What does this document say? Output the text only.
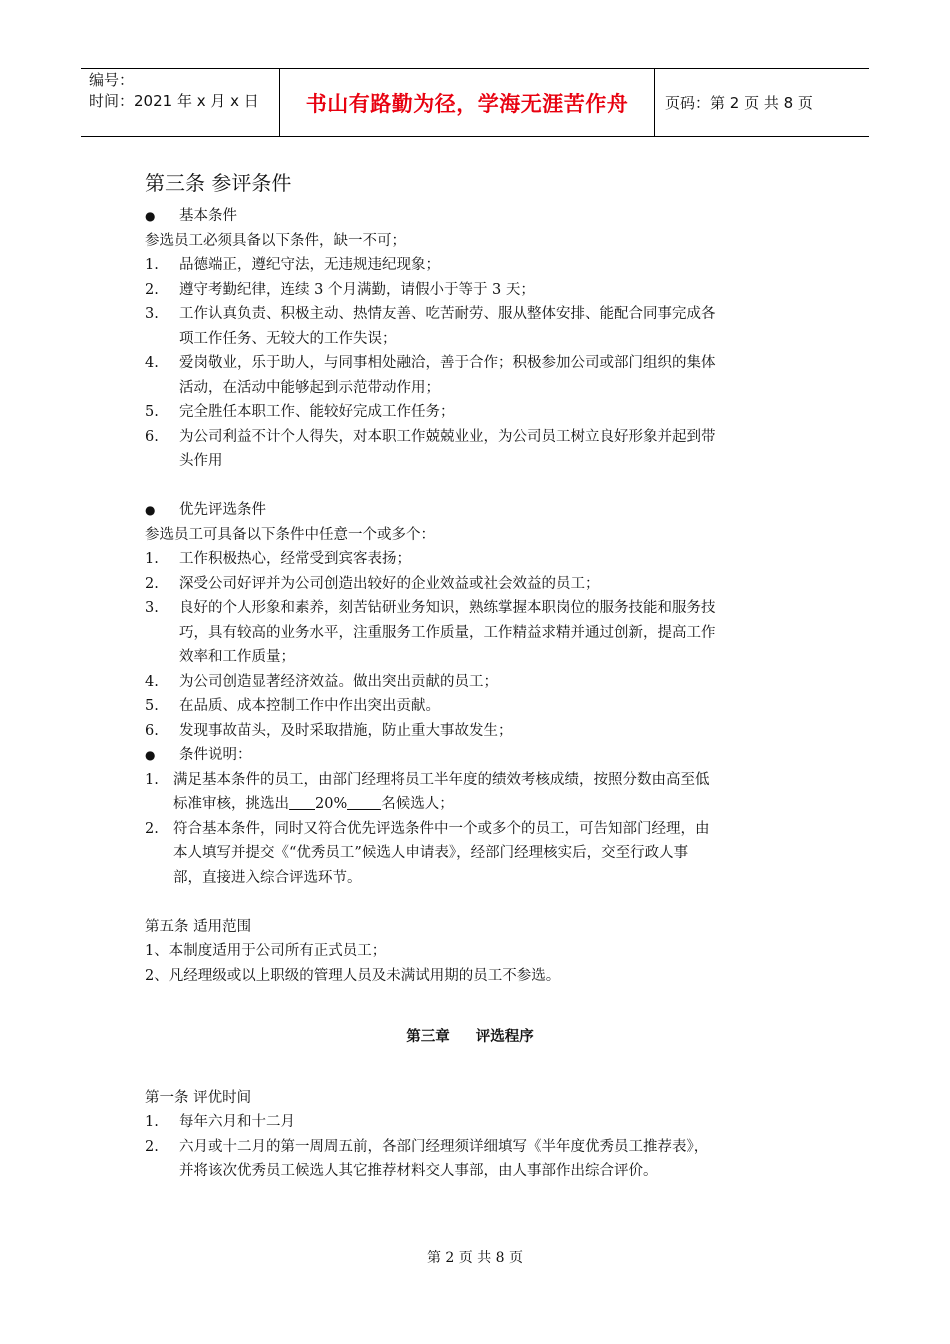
编号：
时间：2021 年 x 月 x 日	书山有路勤为径，学海无涯苦作舟	页码：第 2 页 共 8 页
第三条 参评条件
● 基本条件
参选员工必须具备以下条件，缺一不可；
1. 品德端正，遵纪守法，无违规违纪现象；
2. 遵守考勤纪律，连续 3 个月满勤，请假小于等于 3 天；
3. 工作认真负责、积极主动、热情友善、吃苦耐劳、服从整体安排、能配合同事完成各
项工作任务、无较大的工作失误；
4. 爱岗敬业，乐于助人，与同事相处融洽，善于合作；积极参加公司或部门组织的集体
活动，在活动中能够起到示范带动作用；
5. 完全胜任本职工作、能较好完成工作任务；
6. 为公司利益不计个人得失，对本职工作兢兢业业，为公司员工树立良好形象并起到带
头作用
● 优先评选条件
参选员工可具备以下条件中任意一个或多个：
1. 工作积极热心，经常受到宾客表扬；
2. 深受公司好评并为公司创造出较好的企业效益或社会效益的员工；
3. 良好的个人形象和素养，刻苦钻研业务知识，熟练掌握本职岗位的服务技能和服务技
巧，具有较高的业务水平，注重服务工作质量，工作精益求精并通过创新，提高工作
效率和工作质量；
4. 为公司创造显著经济效益。做出突出贡献的员工；
5. 在品质、成本控制工作中作出突出贡献。
6. 发现事故苗头，及时采取措施，防止重大事故发生；
● 条件说明：
1. 满足基本条件的员工，由部门经理将员工半年度的绩效考核成绩，按照分数由高至低
标准审核，挑选出 20% 名候选人；
2. 符合基本条件，同时又符合优先评选条件中一个或多个的员工，可告知部门经理，由
本人填写并提交《“优秀员工”候选人申请表》，经部门经理核实后，交至行政人事
部，直接进入综合评选环节。
第五条 适用范围
1、本制度适用于公司所有正式员工；
2、凡经理级或以上职级的管理人员及未满试用期的员工不参选。
第三章 评选程序
第一条 评优时间
1. 每年六月和十二月
2. 六月或十二月的第一周周五前，各部门经理须详细填写《半年度优秀员工推荐表》，
并将该次优秀员工候选人其它推荐材料交人事部，由人事部作出综合评价。
第 2 页 共 8 页
